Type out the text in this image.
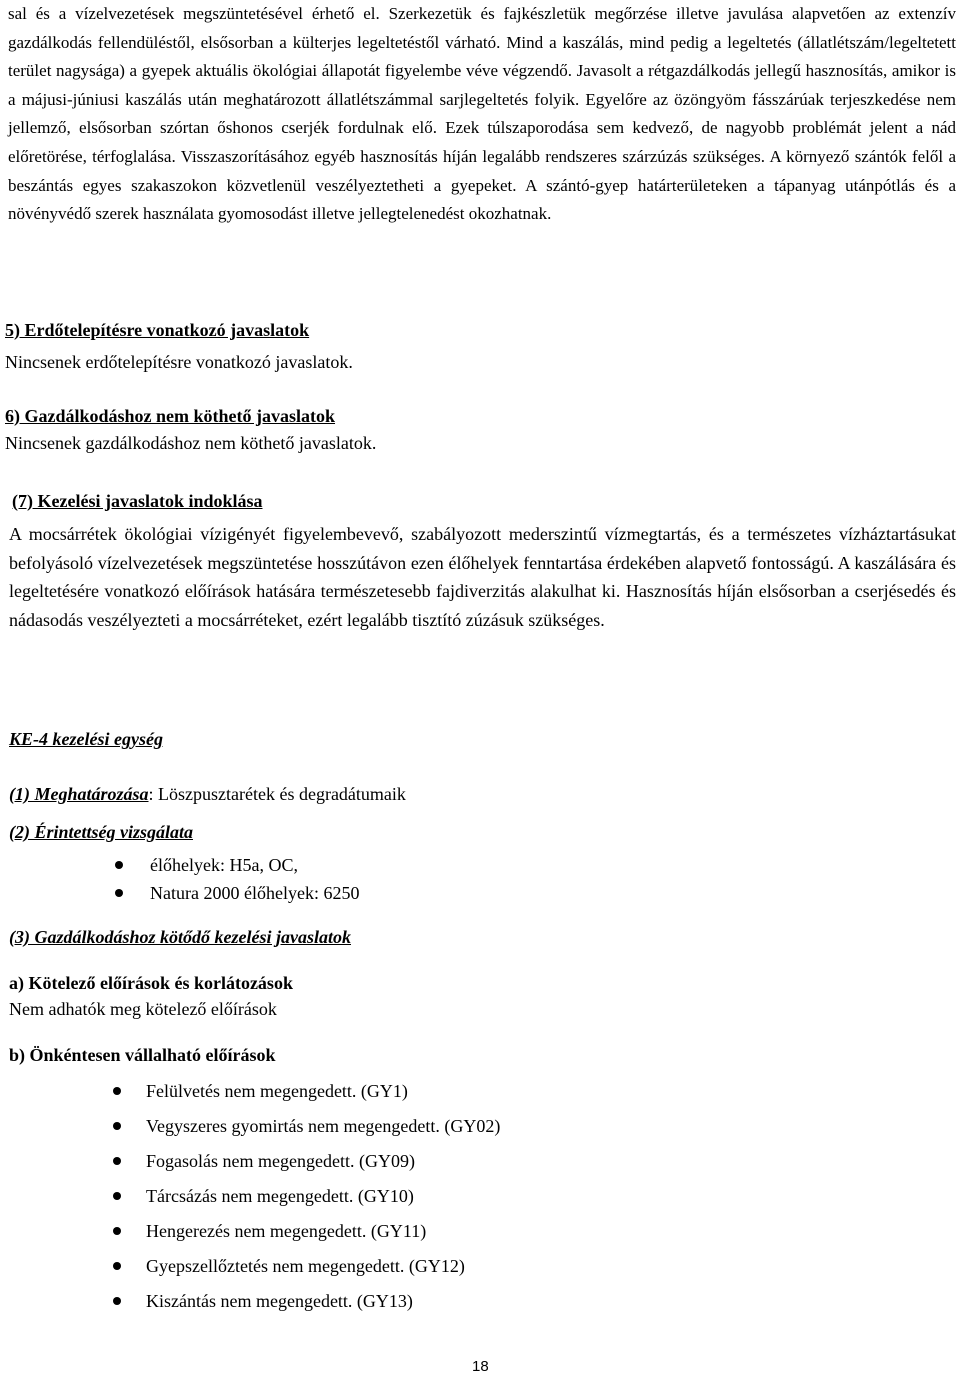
sal és a vízelvezetések megszüntetésével érhető el. Szerkezetük és fajkészletük megőrzése illetve javulása alapvetően az extenzív gazdálkodás fellendüléstől, elsősorban a külterjes legeltetéstől várható. Mind a kaszálás, mind pedig a legeltetés (állatlétszám/legeltetett terület nagysága) a gyepek aktuális ökológiai állapotát figyelembe véve végzendő. Javasolt a rétgazdálkodás jellegű hasznosítás, amikor is a májusi-júniusi kaszálás után meghatározott állatlétszámmal sarjlegeltetés folyik. Egyelőre az özöngyöm fásszárúak terjeszkedése nem jellemző, elsősorban szórtan őshonos cserjék fordulnak elő. Ezek túlszaporodása sem kedvező, de nagyobb problémát jelent a nád előretörése, térfoglalása. Visszaszorításához egyéb hasznosítás híján legalább rendszeres szárzúzás szükséges. A környező szántók felől a beszántás egyes szakaszokon közvetlenül veszélyeztetheti a gyepeket. A szántó-gyep határterületeken a tápanyag utánpótlás és a növényvédő szerek használata gyomosodást illetve jellegtelenedést okozhatnak.
5) Erdőtelepítésre vonatkozó javaslatok
Nincsenek erdőtelepítésre vonatkozó javaslatok.
6) Gazdálkodáshoz nem köthető javaslatok
Nincsenek gazdálkodáshoz nem köthető javaslatok.
(7) Kezelési javaslatok indoklása
A mocsárrétek ökológiai vízigényét figyelembevevő, szabályozott mederszintű vízmegtartás, és a természetes vízháztartásukat befolyásoló vízelvezetések megszüntetése hosszútávon ezen élőhelyek fenntartása érdekében alapvető fontosságú. A kaszálására és legeltetésére vonatkozó előírások hatására természetesebb fajdiverzitás alakulhat ki. Hasznosítás híján elsősorban a cserjésedés és nádasodás veszélyezteti a mocsárréteket, ezért legalább tisztító zúzásuk szükséges.
KE-4 kezelési egység
(1) Meghatározása: Löszpusztarétek és degradátumaik
(2) Érintettség vizsgálata
élőhelyek: H5a, OC,
Natura 2000 élőhelyek: 6250
(3) Gazdálkodáshoz kötődő kezelési javaslatok
a) Kötelező előírások és korlátozások
Nem adhatók meg kötelező előírások
b) Önkéntesen vállalható előírások
Felülvetés nem megengedett. (GY1)
Vegyszeres gyomirtás nem megengedett. (GY02)
Fogasolás nem megengedett. (GY09)
Tárcsázás nem megengedett. (GY10)
Hengerezés nem megengedett. (GY11)
Gyepszellőztetés nem megengedett. (GY12)
Kiszántás nem megengedett. (GY13)
18
